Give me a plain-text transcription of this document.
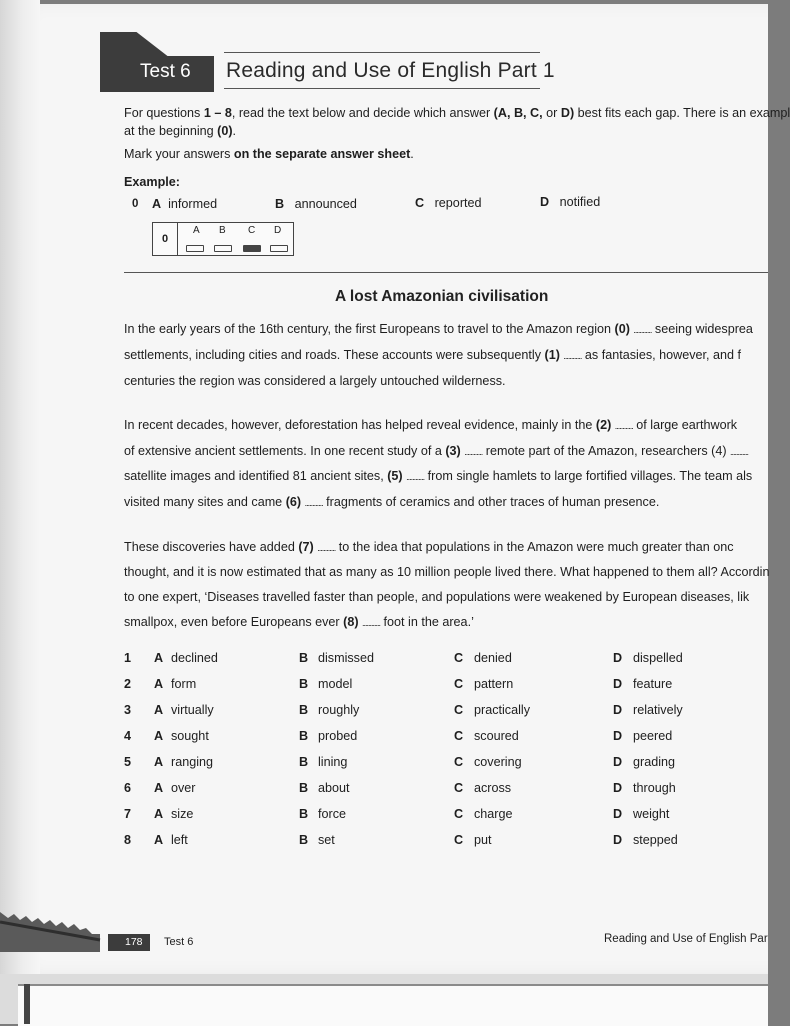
Test 6 Reading and Use of English Part 1
For questions 1 – 8, read the text below and decide which answer (A, B, C, or D) best fits each gap. There is an exampl
at the beginning (0).
Mark your answers on the separate answer sheet.
Example:
0 A informed	B announced	C reported	D notified
0
A B C D
A lost Amazonian civilisation
In the early years of the 16th century, the first Europeans to travel to the Amazon region (0) ............ seeing widesprea
settlements, including cities and roads. These accounts were subsequently (1) ............ as fantasies, however, and f
centuries the region was considered a largely untouched wilderness.
In recent decades, however, deforestation has helped reveal evidence, mainly in the (2) ............ of large earthwork
of extensive ancient settlements. In one recent study of a (3) ............ remote part of the Amazon, researchers (4) ............
satellite images and identified 81 ancient sites, (5) ............ from single hamlets to large fortified villages. The team als
visited many sites and came (6) ............ fragments of ceramics and other traces of human presence.
These discoveries have added (7) ............ to the idea that populations in the Amazon were much greater than onc
thought, and it is now estimated that as many as 10 million people lived there. What happened to them all? Accordin
to one expert, ‘Diseases travelled faster than people, and populations were weakened by European diseases, lik
smallpox, even before Europeans ever (8) ............ foot in the area.’
1 A declined	B dismissed	C denied	D dispelled
2 A form	B model	C pattern	D feature
3 A virtually	B roughly	C practically	D relatively
4 A sought	B probed	C scoured	D peered
5 A ranging	B lining	C covering	D grading
6 A over	B about	C across	D through
7 A size	B force	C charge	D weight
8 A left	B set	C put	D stepped
178 Test 6	Reading and Use of English Par
